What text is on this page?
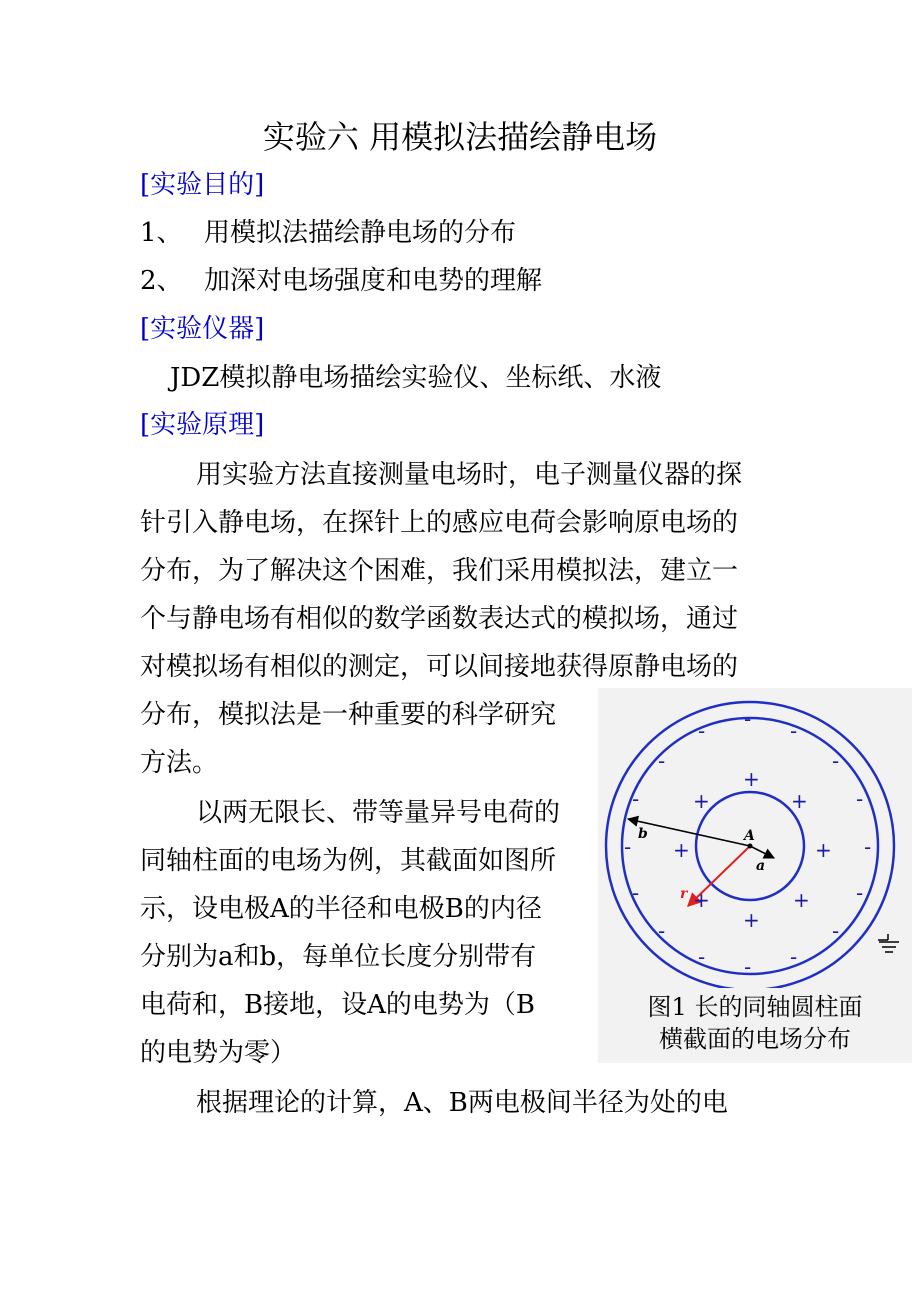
实验六 用模拟法描绘静电场
[实验目的]
1、 用模拟法描绘静电场的分布
2、 加深对电场强度和电势的理解
[实验仪器]
JDZ模拟静电场描绘实验仪、坐标纸、水液
[实验原理]
用实验方法直接测量电场时，电子测量仪器的探
针引入静电场，在探针上的感应电荷会影响原电场的
分布，为了解决这个困难，我们采用模拟法，建立一
个与静电场有相似的数学函数表达式的模拟场，通过
对模拟场有相似的测定，可以间接地获得原静电场的
分布，模拟法是一种重要的科学研究
方法。
以两无限长、带等量异号电荷的
同轴柱面的电场为例，其截面如图所
示，设电极A的半径和电极B的内径
分别为a和b，每单位长度分别带有
电荷和，B接地，设A的电势为（B
的电势为零）
根据理论的计算，A、B两电极间半径为处的电
A
a
b
r
+
+	+
+	+
+	+
+
-
-	-
-	-
-	-
-	-
-	-
-	-
-	-
-
图1 长的同轴圆柱面
横截面的电场分布
